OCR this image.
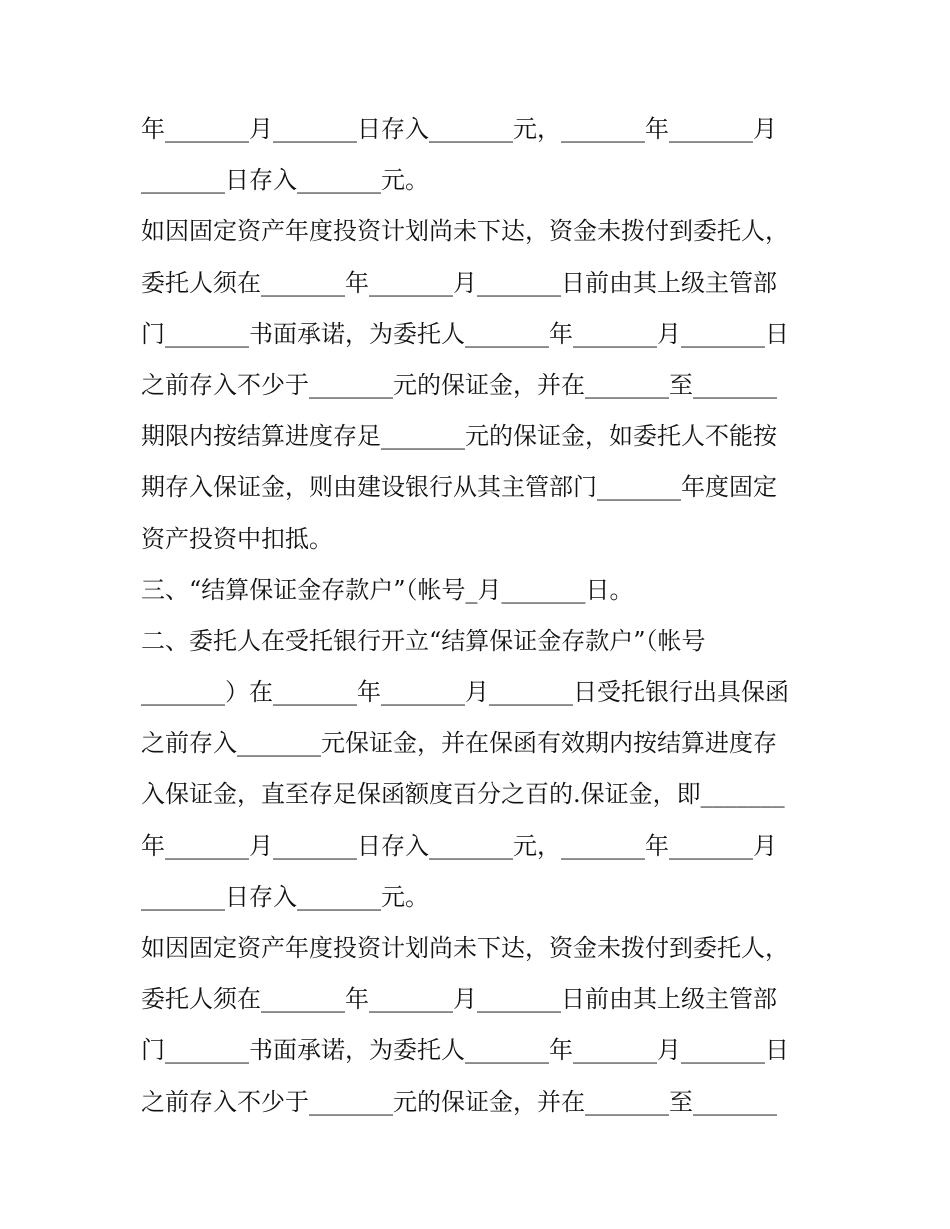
年_______月_______日存入_______元，_______年_______月
_______日存入_______元。
如因固定资产年度投资计划尚未下达，资金未拨付到委托人，
委托人须在_______年_______月_______日前由其上级主管部
门_______书面承诺，为委托人_______年_______月_______日
之前存入不少于_______元的保证金，并在_______至_______
期限内按结算进度存足_______元的保证金，如委托人不能按
期存入保证金，则由建设银行从其主管部门_______年度固定
资产投资中扣抵。
三、“结算保证金存款户”（帐号_月_______日。
二、委托人在受托银行开立“结算保证金存款户”（帐号
_______）在_______年_______月_______日受托银行出具保函
之前存入_______元保证金，并在保函有效期内按结算进度存
入保证金，直至存足保函额度百分之百的.保证金，即_______
年_______月_______日存入_______元，_______年_______月
_______日存入_______元。
如因固定资产年度投资计划尚未下达，资金未拨付到委托人，
委托人须在_______年_______月_______日前由其上级主管部
门_______书面承诺，为委托人_______年_______月_______日
之前存入不少于_______元的保证金，并在_______至_______
